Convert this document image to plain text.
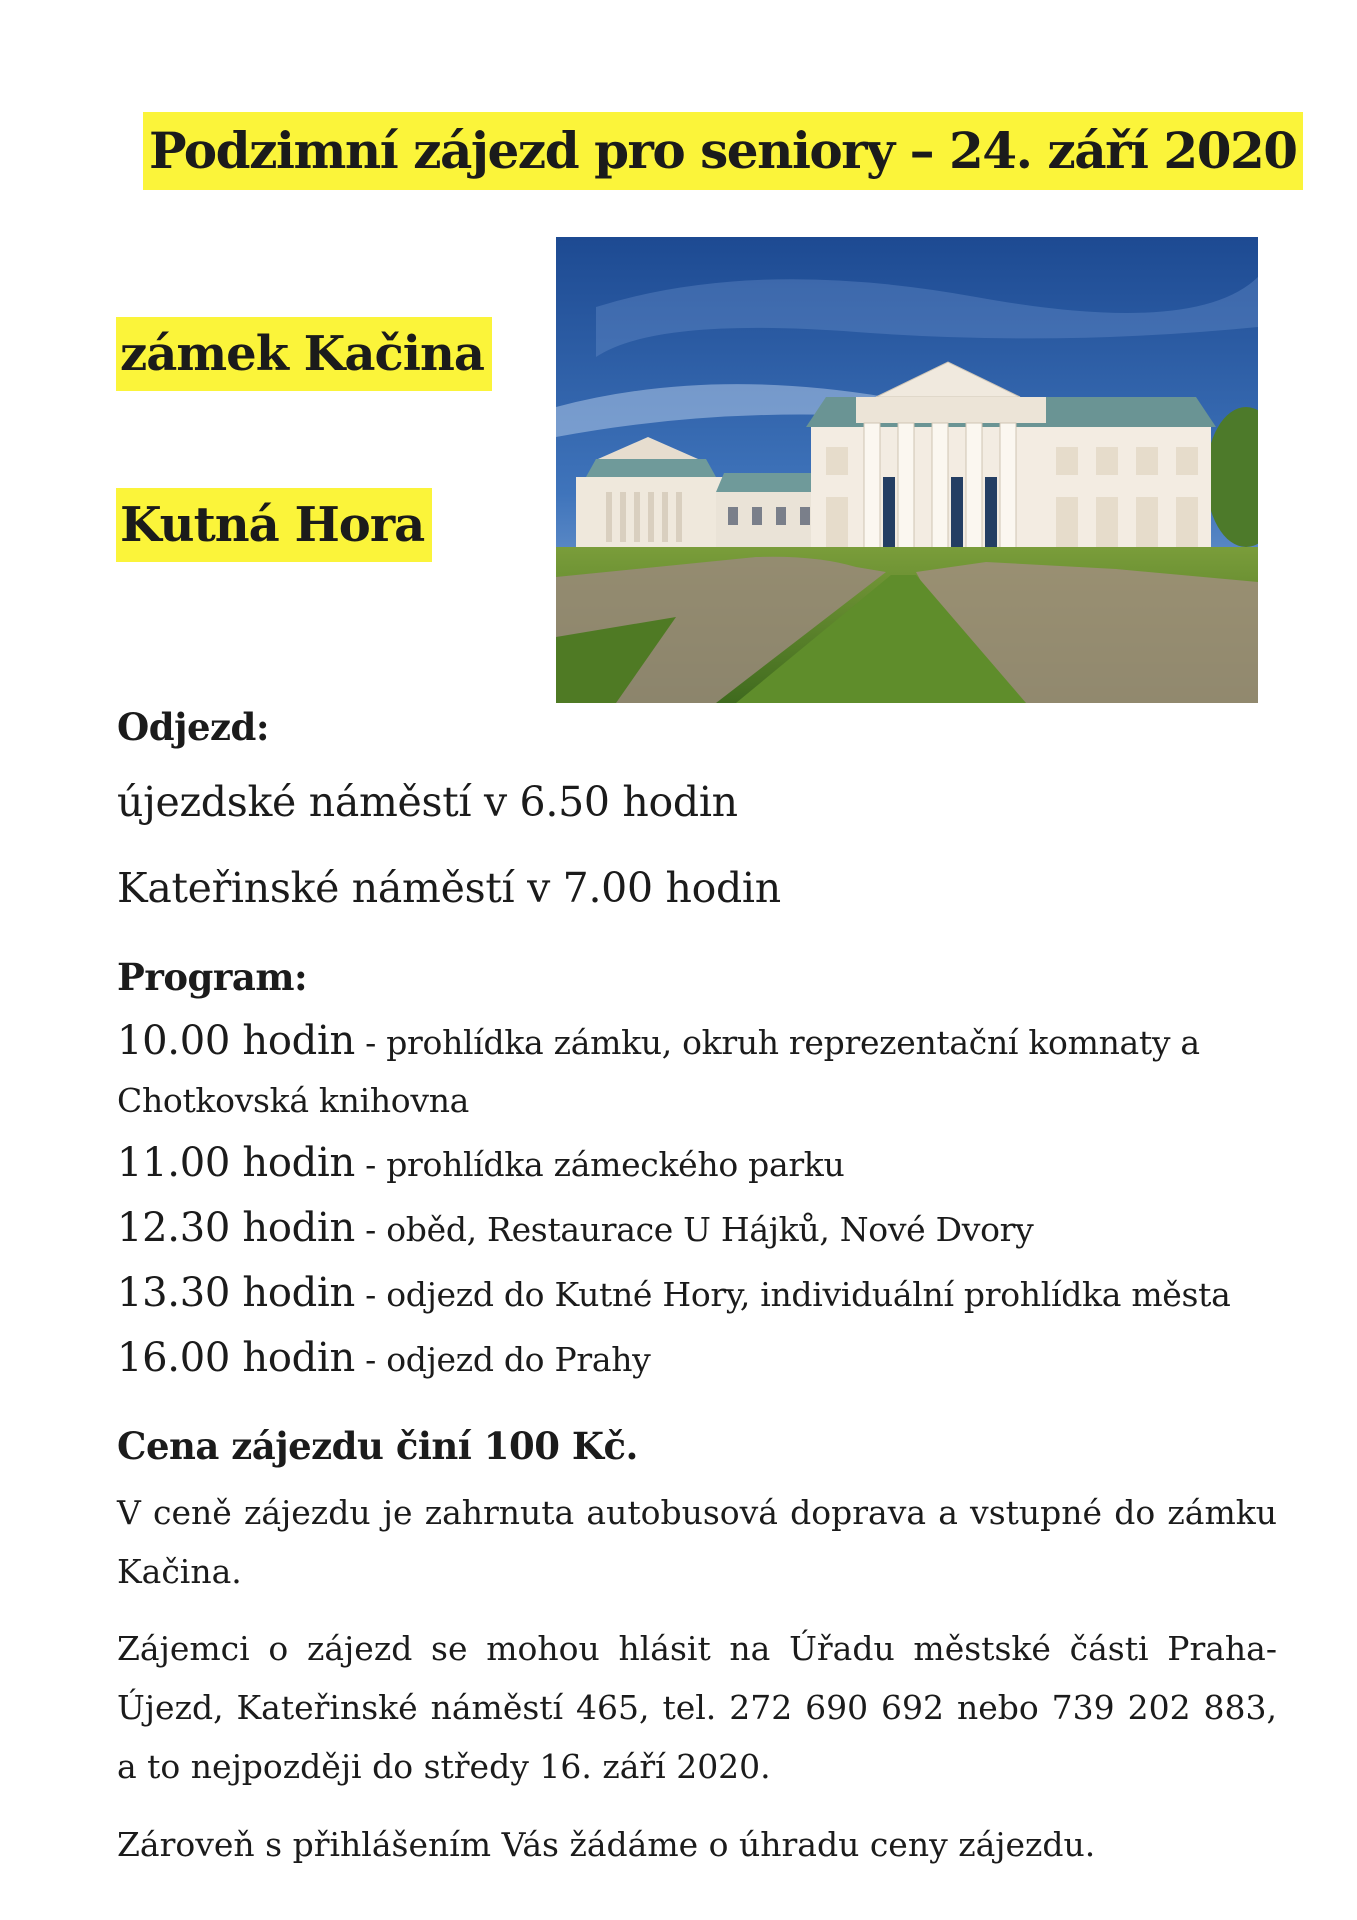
Podzimní zájezd pro seniory – 24. září 2020
zámek Kačina
Kutná Hora
Odjezd:
újezdské náměstí v 6.50 hodin
Kateřinské náměstí v 7.00 hodin
Program:
10.00 hodin - prohlídka zámku, okruh reprezentační komnaty a
Chotkovská knihovna
11.00 hodin - prohlídka zámeckého parku
12.30 hodin - oběd, Restaurace U Hájků, Nové Dvory
13.30 hodin - odjezd do Kutné Hory, individuální prohlídka města
16.00 hodin - odjezd do Prahy
Cena zájezdu činí 100 Kč.
V ceně zájezdu je zahrnuta autobusová doprava a vstupné do zámku Kačina.
Zájemci o zájezd se mohou hlásit na Úřadu městské části Praha-Újezd, Kateřinské náměstí 465, tel. 272 690 692 nebo 739 202 883, a to nejpozději do středy 16. září 2020.
Zároveň s přihlášením Vás žádáme o úhradu ceny zájezdu.
